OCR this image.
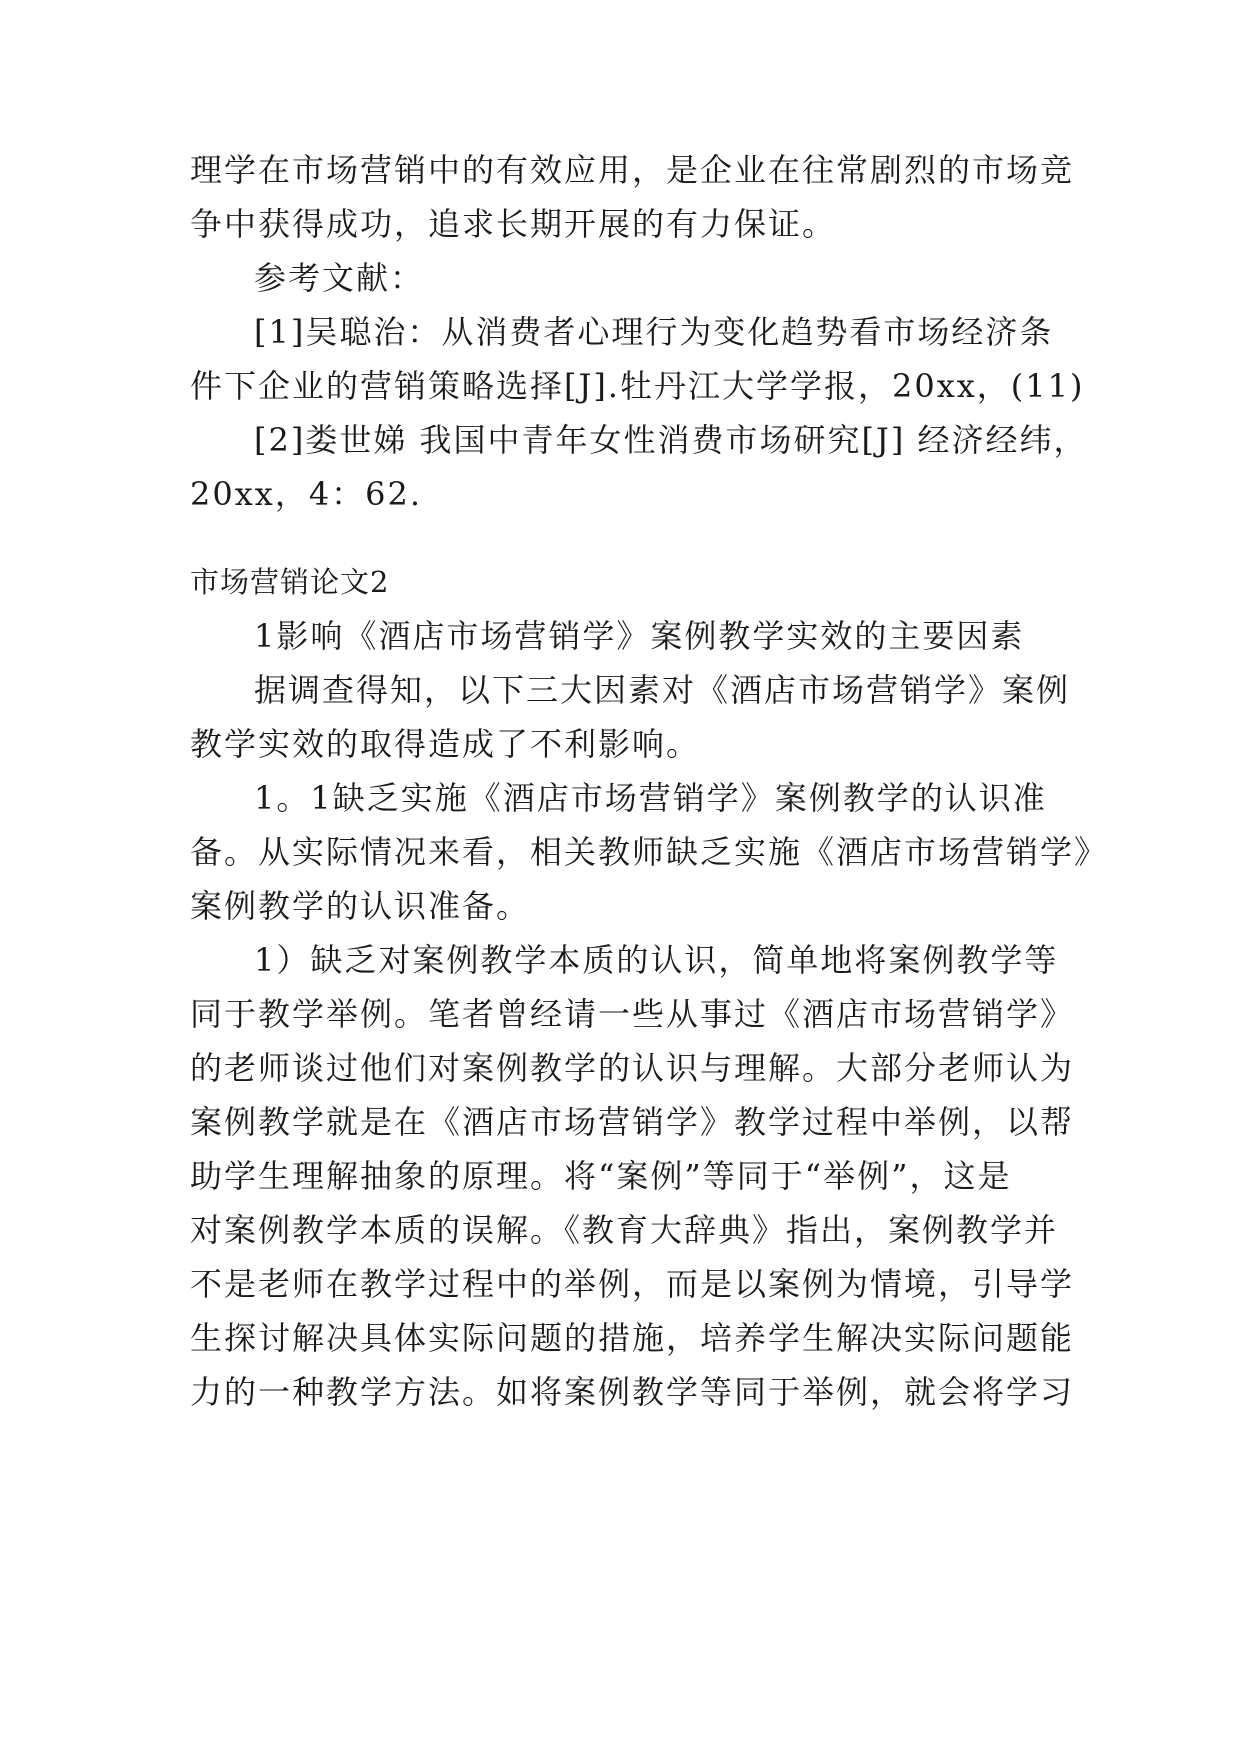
理学在市场营销中的有效应用，是企业在往常剧烈的市场竞
争中获得成功，追求长期开展的有力保证。
参考文献：
[1]吴聪治：从消费者心理行为变化趋势看市场经济条
件下企业的营销策略选择[J].牡丹江大学学报，20xx，(11)
[2]娄世娣 我国中青年女性消费市场研究[J] 经济经纬，
20xx，4：62.
市场营销论文2
1影响《酒店市场营销学》案例教学实效的主要因素
据调查得知，以下三大因素对《酒店市场营销学》案例
教学实效的取得造成了不利影响。
1。1缺乏实施《酒店市场营销学》案例教学的认识准
备。从实际情况来看，相关教师缺乏实施《酒店市场营销学》
案例教学的认识准备。
1）缺乏对案例教学本质的认识，简单地将案例教学等
同于教学举例。笔者曾经请一些从事过《酒店市场营销学》
的老师谈过他们对案例教学的认识与理解。大部分老师认为
案例教学就是在《酒店市场营销学》教学过程中举例，以帮
助学生理解抽象的原理。将“案例”等同于“举例”，这是
对案例教学本质的误解。《教育大辞典》指出，案例教学并
不是老师在教学过程中的举例，而是以案例为情境，引导学
生探讨解决具体实际问题的措施，培养学生解决实际问题能
力的一种教学方法。如将案例教学等同于举例，就会将学习
